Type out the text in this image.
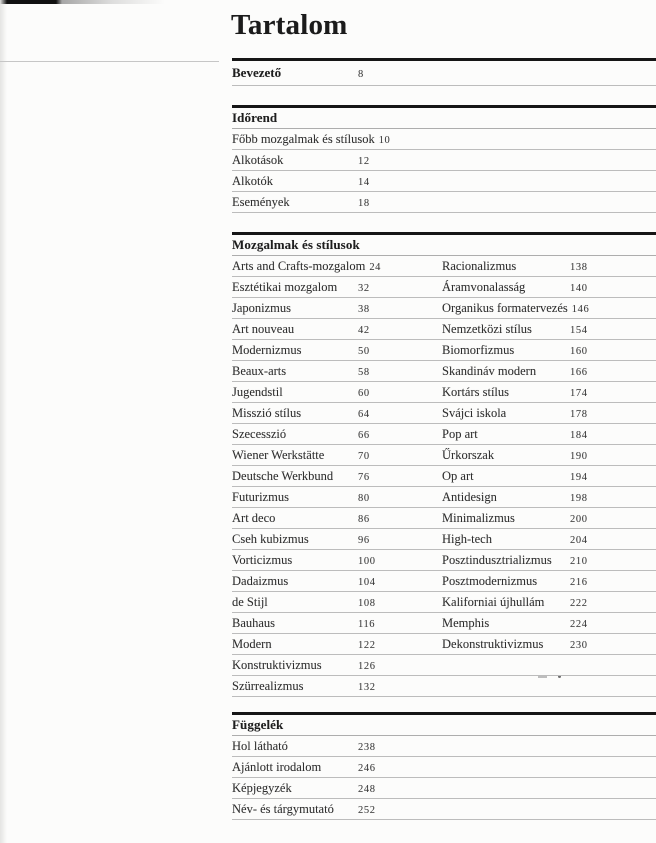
Tartalom
Bevezető	8
Időrend
Főbb mozgalmak és stílusok 10
Alkotások	12
Alkotók	14
Események	18
Mozgalmak és stílusok
Arts and Crafts-mozgalom 24	Racionalizmus	138
Esztétikai mozgalom	32	Áramvonalasság	140
Japonizmus	38	Organikus formatervezés 146
Art nouveau	42	Nemzetközi stílus	154
Modernizmus	50	Biomorfizmus	160
Beaux-arts	58	Skandináv modern	166
Jugendstil	60	Kortárs stílus	174
Misszió stílus	64	Svájci iskola	178
Szecesszió	66	Pop art	184
Wiener Werkstätte	70	Űrkorszak	190
Deutsche Werkbund	76	Op art	194
Futurizmus	80	Antidesign	198
Art deco	86	Minimalizmus	200
Cseh kubizmus	96	High-tech	204
Vorticizmus	100	Posztindusztrializmus	210
Dadaizmus	104	Posztmodernizmus	216
de Stijl	108	Kaliforniai újhullám	222
Bauhaus	116	Memphis	224
Modern	122	Dekonstruktivizmus	230
Konstruktivizmus	126
Szürrealizmus	132
Függelék
Hol látható	238
Ajánlott irodalom	246
Képjegyzék	248
Név- és tárgymutató	252
